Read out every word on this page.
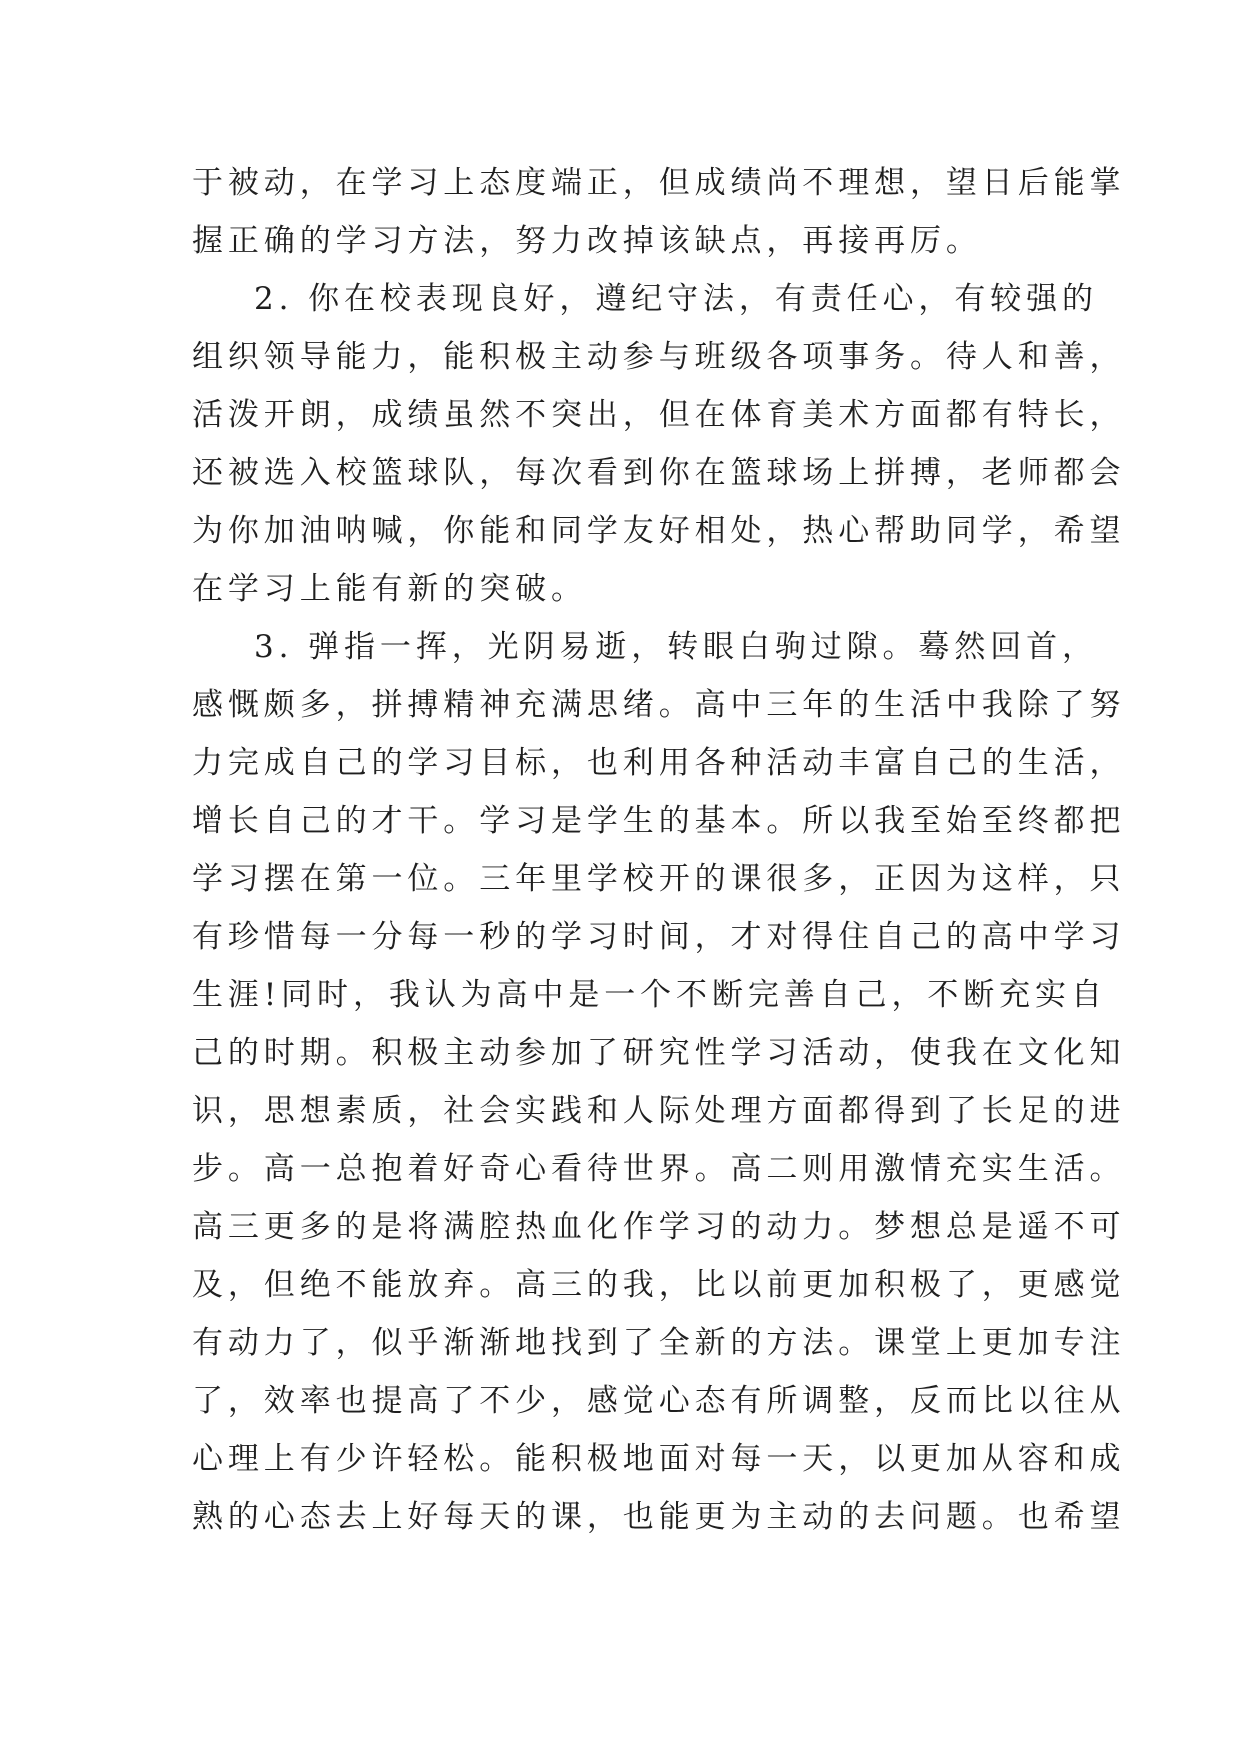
于被动，在学习上态度端正，但成绩尚不理想，望日后能掌
握正确的学习方法，努力改掉该缺点，再接再厉。
2. 你在校表现良好，遵纪守法，有责任心，有较强的
组织领导能力，能积极主动参与班级各项事务。待人和善，
活泼开朗，成绩虽然不突出，但在体育美术方面都有特长，
还被选入校篮球队，每次看到你在篮球场上拼搏，老师都会
为你加油呐喊，你能和同学友好相处，热心帮助同学，希望
在学习上能有新的突破。
3. 弹指一挥，光阴易逝，转眼白驹过隙。蓦然回首，
感慨颇多，拼搏精神充满思绪。高中三年的生活中我除了努
力完成自己的学习目标，也利用各种活动丰富自己的生活，
增长自己的才干。学习是学生的基本。所以我至始至终都把
学习摆在第一位。三年里学校开的课很多，正因为这样，只
有珍惜每一分每一秒的学习时间，才对得住自己的高中学习
生涯!同时，我认为高中是一个不断完善自己，不断充实自
己的时期。积极主动参加了研究性学习活动，使我在文化知
识，思想素质，社会实践和人际处理方面都得到了长足的进
步。高一总抱着好奇心看待世界。高二则用激情充实生活。
高三更多的是将满腔热血化作学习的动力。梦想总是遥不可
及，但绝不能放弃。高三的我，比以前更加积极了，更感觉
有动力了，似乎渐渐地找到了全新的方法。课堂上更加专注
了，效率也提高了不少，感觉心态有所调整，反而比以往从
心理上有少许轻松。能积极地面对每一天，以更加从容和成
熟的心态去上好每天的课，也能更为主动的去问题。也希望
